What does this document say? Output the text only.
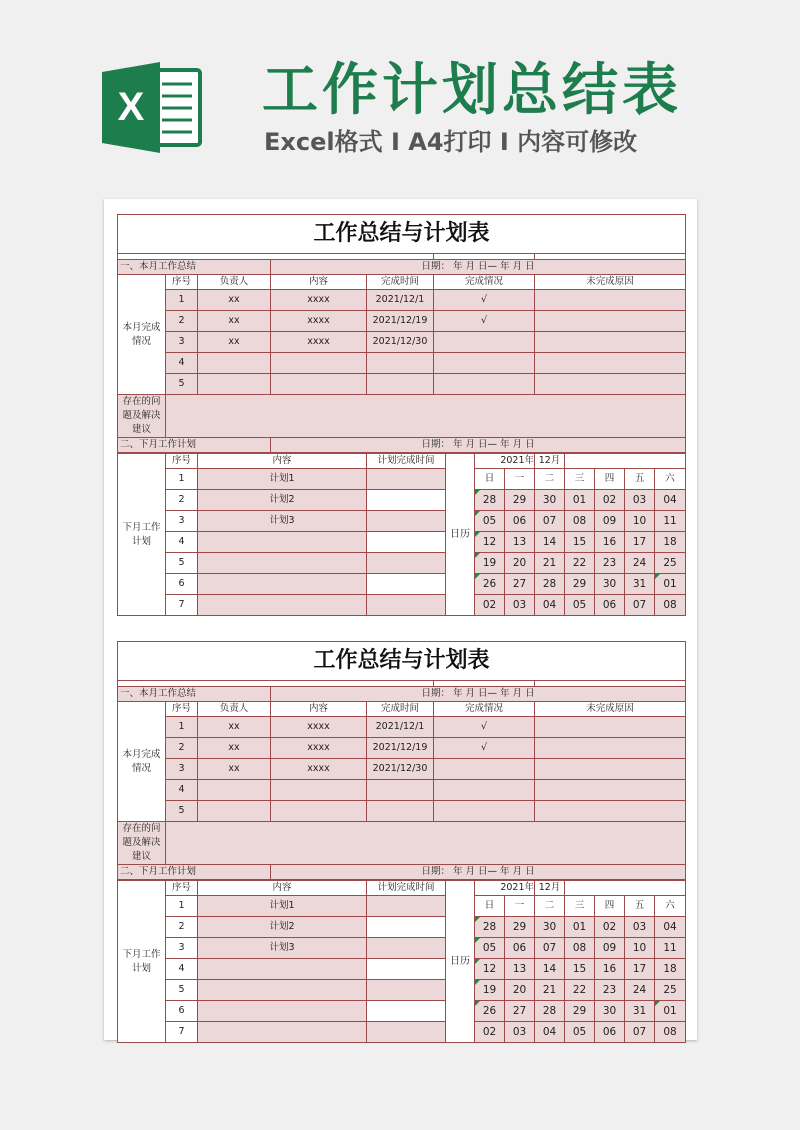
X 工作计划总结表
Excel格式 I A4打印 I 内容可修改
工作总结与计划表						

一、本月工作总结			日期： 年 月 日— 年 月 日			
本月完成情况	序号	负责人	内容	完成时间	完成情况	未完成原因
	1	xx	xxxx	2021/12/1	√	
	2	xx	xxxx	2021/12/19	√	
	3	xx	xxxx	2021/12/30		
	4					
	5					
存在的问题及解决建议						
二、下月工作计划			日期： 年 月 日— 年 月 日			
下月工作计划	序号	内容	计划完成时间	日历	2021年		12月				
	1	计划1			日	一	二	三	四	五	六
	2	计划2			28	29	30	01	02	03	04
	3	计划3			05	06	07	08	09	10	11
	4				12	13	14	15	16	17	18
	5				19	20	21	22	23	24	25
	6				26	27	28	29	30	31	01
	7				02	03	04	05	06	07	08
工作总结与计划表						

一、本月工作总结			日期： 年 月 日— 年 月 日			
本月完成情况	序号	负责人	内容	完成时间	完成情况	未完成原因
	1	xx	xxxx	2021/12/1	√	
	2	xx	xxxx	2021/12/19	√	
	3	xx	xxxx	2021/12/30		
	4					
	5					
存在的问题及解决建议						
二、下月工作计划			日期： 年 月 日— 年 月 日			
下月工作计划	序号	内容	计划完成时间	日历	2021年		12月				
	1	计划1			日	一	二	三	四	五	六
	2	计划2			28	29	30	01	02	03	04
	3	计划3			05	06	07	08	09	10	11
	4				12	13	14	15	16	17	18
	5				19	20	21	22	23	24	25
	6				26	27	28	29	30	31	01
	7				02	03	04	05	06	07	08
